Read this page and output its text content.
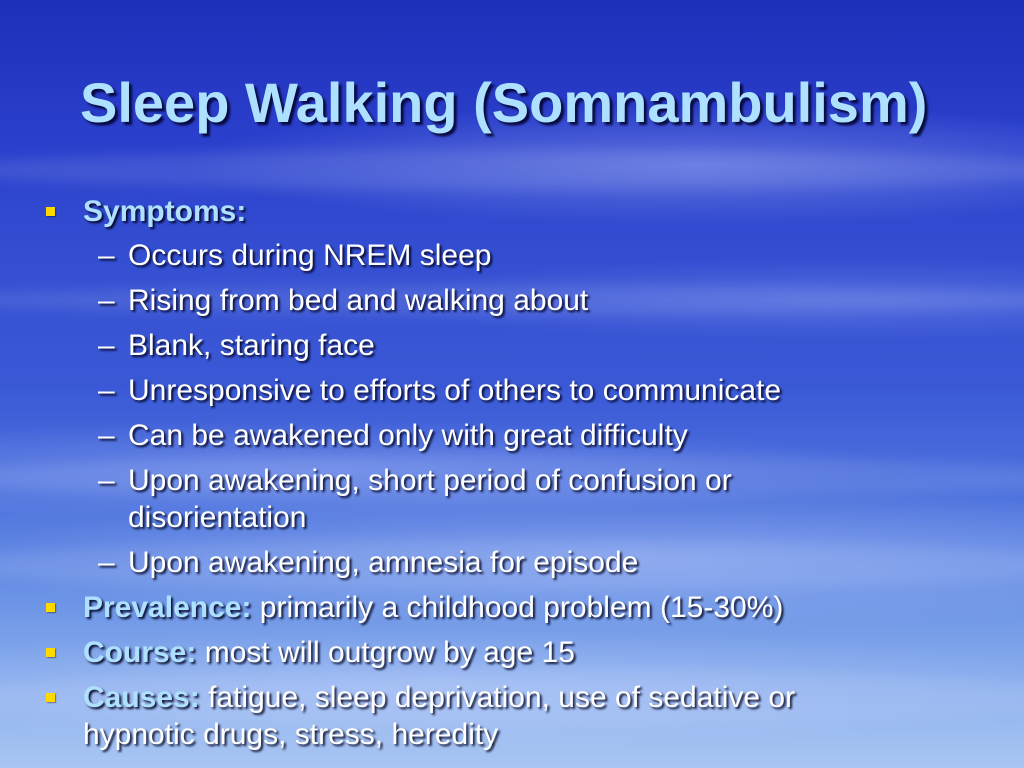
Sleep Walking (Somnambulism)
Symptoms:
– Occurs during NREM sleep
– Rising from bed and walking about
– Blank, staring face
– Unresponsive to efforts of others to communicate
– Can be awakened only with great difficulty
– Upon awakening, short period of confusion or
disorientation
– Upon awakening, amnesia for episode
Prevalence: primarily a childhood problem (15-30%)
Course: most will outgrow by age 15
Causes: fatigue, sleep deprivation, use of sedative or
hypnotic drugs, stress, heredity
